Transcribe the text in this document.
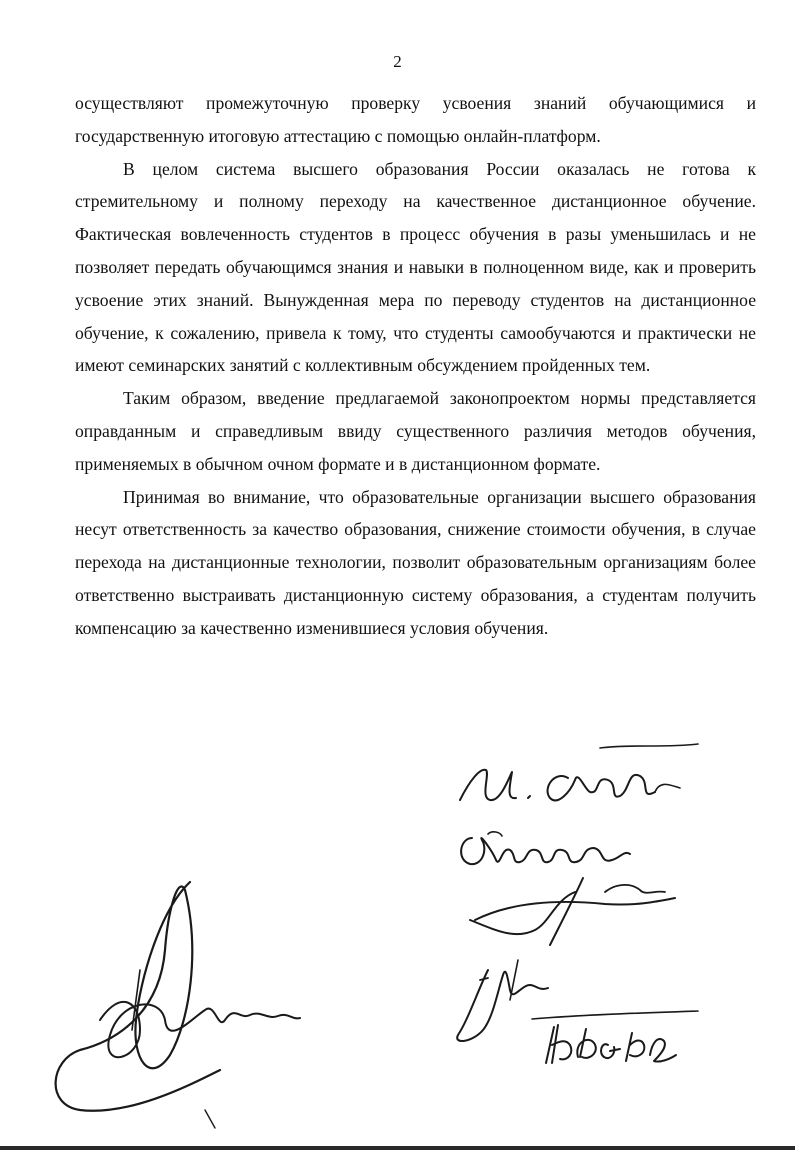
2

осуществляют промежуточную проверку усвоения знаний обучающимися и государственную итоговую аттестацию с помощью онлайн-платформ.

В целом система высшего образования России оказалась не готова к стремительному и полному переходу на качественное дистанционное обучение. Фактическая вовлеченность студентов в процесс обучения в разы уменьшилась и не позволяет передать обучающимся знания и навыки в полноценном виде, как и проверить усвоение этих знаний. Вынужденная мера по переводу студентов на дистанционное обучение, к сожалению, привела к тому, что студенты самообучаются и практически не имеют семинарских занятий с коллективным обсуждением пройденных тем.

Таким образом, введение предлагаемой законопроектом нормы представляется оправданным и справедливым ввиду существенного различия методов обучения, применяемых в обычном очном формате и в дистанционном формате.

Принимая во внимание, что образовательные организации высшего образования несут ответственность за качество образования, снижение стоимости обучения, в случае перехода на дистанционные технологии, позволит образовательным организациям более ответственно выстраивать дистанционную систему образования, а студентам получить компенсацию за качественно изменившиеся условия обучения.
